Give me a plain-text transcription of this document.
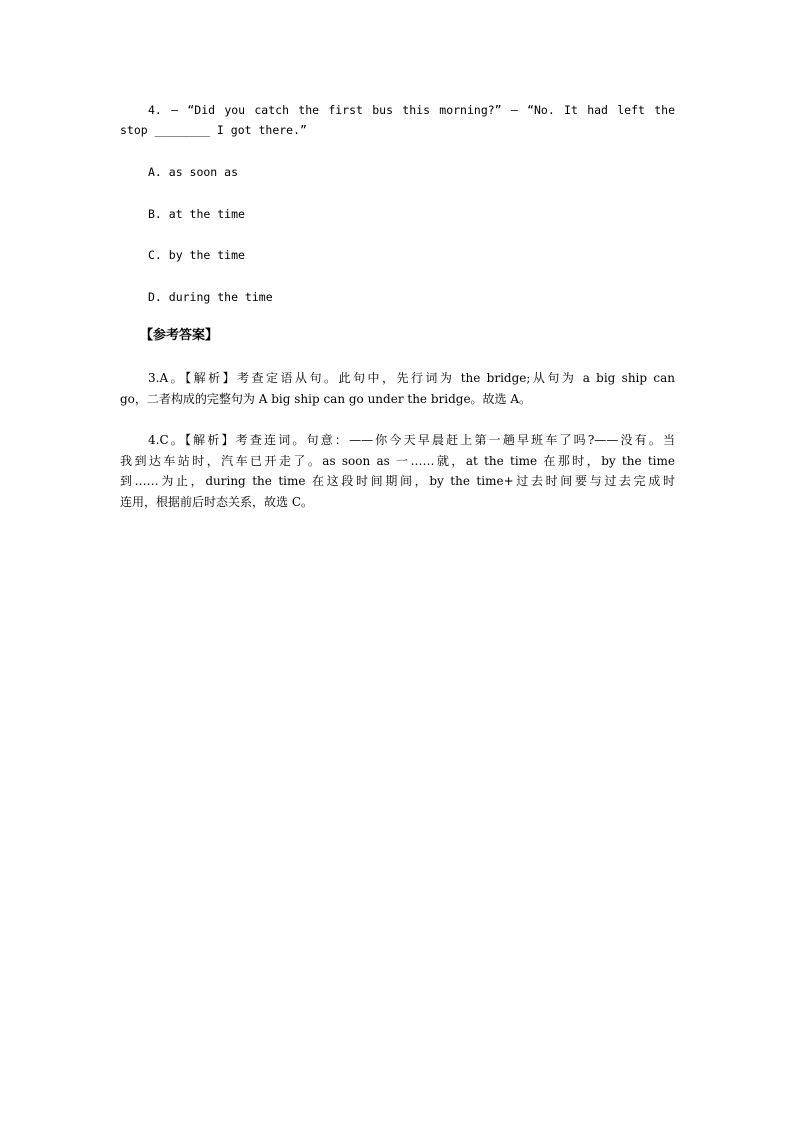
4. — “Did you catch the first bus this morning?” — “No. It had left the
stop ________ I got there.”
A. as soon as
B. at the time
C. by the time
D. during the time
【参考答案】
3.A。【解析】考查定语从句。此句中，先行词为 the bridge;从句为 a big ship can
go，二者构成的完整句为 A big ship can go under the bridge。故选 A。
4.C。【解析】考查连词。句意：——你今天早晨赶上第一趟早班车了吗?——没有。当
我到达车站时，汽车已开走了。as soon as 一……就，at the time 在那时，by the time
到……为止，during the time 在这段时间期间，by the time+过去时间要与过去完成时
连用，根据前后时态关系，故选 C。
